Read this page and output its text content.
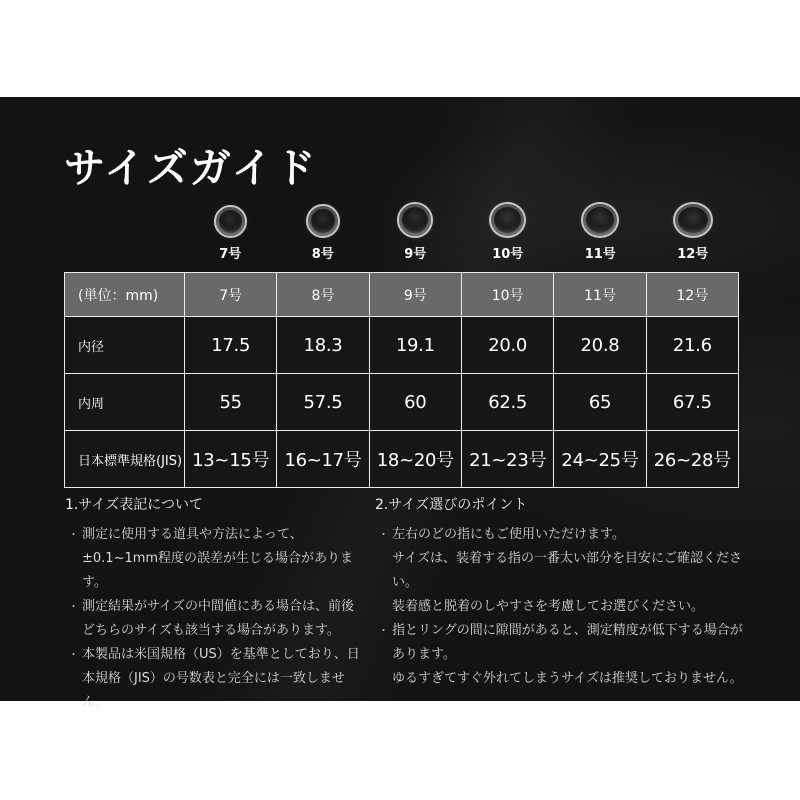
サイズガイド
7号	8号	9号	10号	11号	12号
(単位：mm)	7号	8号	9号	10号	11号	12号
内径	17.5	18.3	19.1	20.0	20.8	21.6
内周	55	57.5	60	62.5	65	67.5
日本標準規格(JIS)	13~15号	16~17号	18~20号	21~23号	24~25号	26~28号
1.サイズ表記について
・ 測定に使用する道具や方法によって、±0.1~1mm程度の誤差が生じる場合があります。
・ 測定結果がサイズの中間値にある場合は、前後どちらのサイズも該当する場合があります。
・ 本製品は米国規格（US）を基準としており、日本規格（JIS）の号数表と完全には一致しません。
2.サイズ選びのポイント
・ 左右のどの指にもご使用いただけます。
サイズは、装着する指の一番太い部分を目安にご確認ください。
装着感と脱着のしやすさを考慮してお選びください。
・ 指とリングの間に隙間があると、測定精度が低下する場合があります。
ゆるすぎてすぐ外れてしまうサイズは推奨しておりません。
